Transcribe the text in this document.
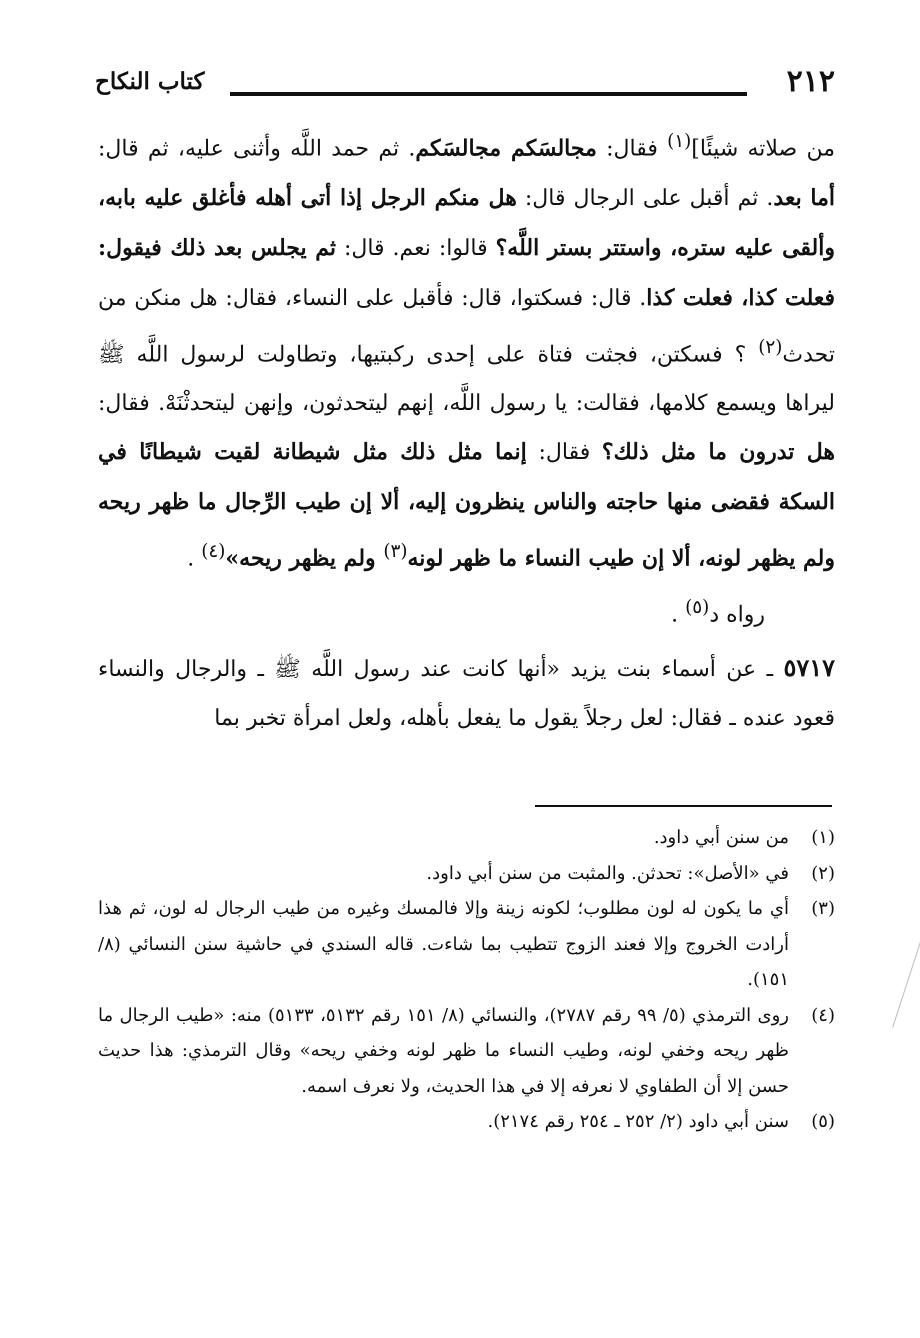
٢١٢
كتاب النكاح

من صلاته شيئًا]$^{(١)}$ فقال: مجالسَكم مجالسَكم. ثم حمد اللَّه وأثنى عليه، ثم قال: أما بعد. ثم أقبل على الرجال قال: هل منكم الرجل إذا أتى أهله فأغلق عليه بابه، وألقى عليه ستره، واستتر بستر اللَّه؟ قالوا: نعم. قال: ثم يجلس بعد ذلك فيقول: فعلت كذا، فعلت كذا. قال: فسكتوا، قال: فأقبل على النساء، فقال: هل منكن من تحدث$^{(٢)}$ ؟ فسكتن، فجثت فتاة على إحدى ركبتيها، وتطاولت لرسول اللَّه ﷺ ليراها ويسمع كلامها، فقالت: يا رسول اللَّه، إنهم ليتحدثون، وإنهن ليتحدثْنَهْ. فقال: هل تدرون ما مثل ذلك؟ فقال: إنما مثل ذلك مثل شيطانة لقيت شيطانًا في السكة فقضى منها حاجته والناس ينظرون إليه، ألا إن طيب الرِّجال ما ظهر ريحه ولم يظهر لونه، ألا إن طيب النساء ما ظهر لونه$^{(٣)}$ ولم يظهر ريحه»$^{(٤)}$ .

رواه د$^{(٥)}$ .

٥٧١٧ ـ عن أسماء بنت يزيد «أنها كانت عند رسول اللَّه ﷺ ـ والرجال والنساء قعود عنده ـ فقال: لعل رجلاً يقول ما يفعل بأهله، ولعل امرأة تخبر بما

(١)
من سنن أبي داود.

(٢)
في «الأصل»: تحدثن. والمثبت من سنن أبي داود.

(٣)
أي ما يكون له لون مطلوب؛ لكونه زينة وإلا فالمسك وغيره من طيب الرجال له لون، ثم هذا أرادت الخروج وإلا فعند الزوج تتطيب بما شاءت. قاله السندي في حاشية سنن النسائي (٨/ ١٥١).

(٤)
روى الترمذي (٥/ ٩٩ رقم ٢٧٨٧)، والنسائي (٨/ ١٥١ رقم ٥١٣٢، ٥١٣٣) منه: «طيب الرجال ما ظهر ريحه وخفي لونه، وطيب النساء ما ظهر لونه وخفي ريحه» وقال الترمذي: هذا حديث حسن إلا أن الطفاوي لا نعرفه إلا في هذا الحديث، ولا نعرف اسمه.

(٥)
سنن أبي داود (٢/ ٢٥٢ ـ ٢٥٤ رقم ٢١٧٤).
